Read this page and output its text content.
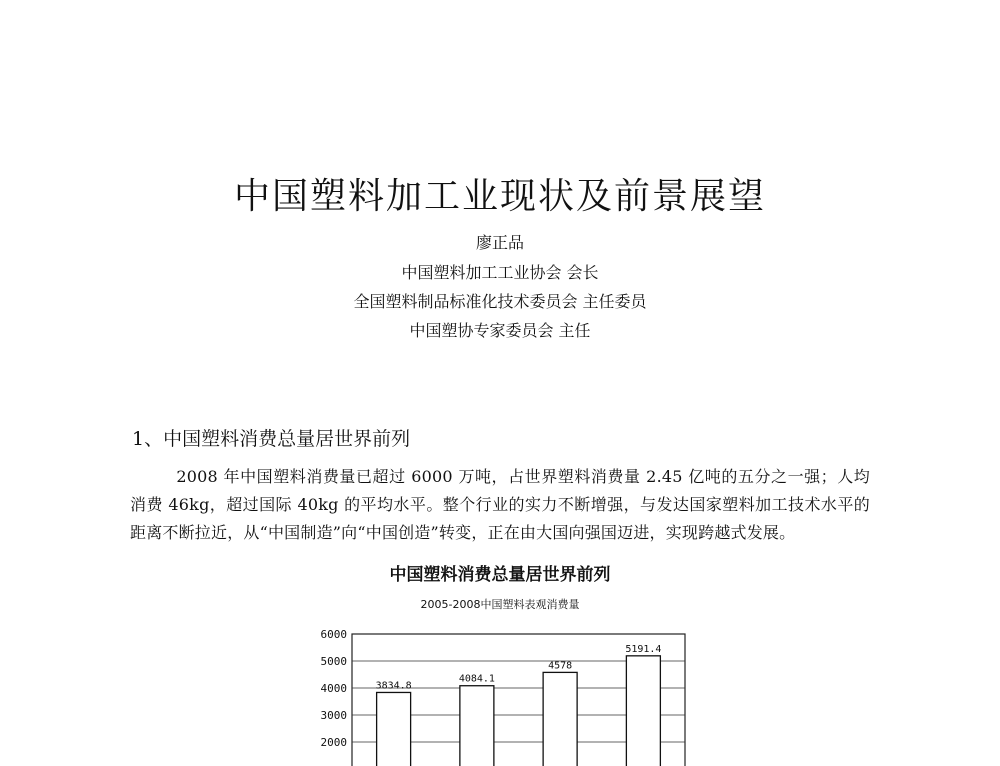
中国塑料加工业现状及前景展望
廖正品
中国塑料加工工业协会 会长
全国塑料制品标准化技术委员会 主任委员
中国塑协专家委员会 主任
1、中国塑料消费总量居世界前列
2008 年中国塑料消费量已超过 6000 万吨，占世界塑料消费量 2.45 亿吨的五分之一强；人均消费 46kg，超过国际 40kg 的平均水平。整个行业的实力不断增强，与发达国家塑料加工技术水平的距离不断拉近，从“中国制造”向“中国创造”转变，正在由大国向强国迈进，实现跨越式发展。
中国塑料消费总量居世界前列
2005-2008中国塑料表观消费量
6000
5000
4000
3000
2000
3834.8
4084.1
4578
5191.4
